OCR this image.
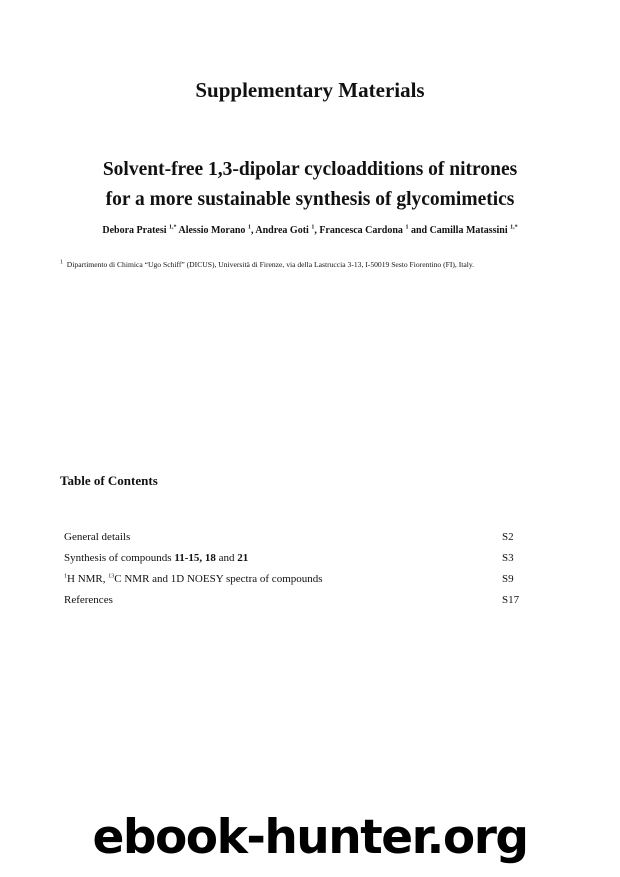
Supplementary Materials
Solvent-free 1,3-dipolar cycloadditions of nitrones
for a more sustainable synthesis of glycomimetics
Debora Pratesi $^{1,*}$ Alessio Morano $^1$, Andrea Goti $^1$, Francesca Cardona $^1$ and Camilla Matassini $^{1,*}$
$^1$ Dipartimento di Chimica “Ugo Schiff” (DICUS), Università di Firenze, via della Lastruccia 3-13, I-50019 Sesto Fiorentino (FI), Italy.
Table of Contents
General details	S2
Synthesis of compounds 11-15, 18 and 21	S3
$^1$H NMR, $^{13}$C NMR and 1D NOESY spectra of compounds	S9
References	S17
ebook-hunter.org
